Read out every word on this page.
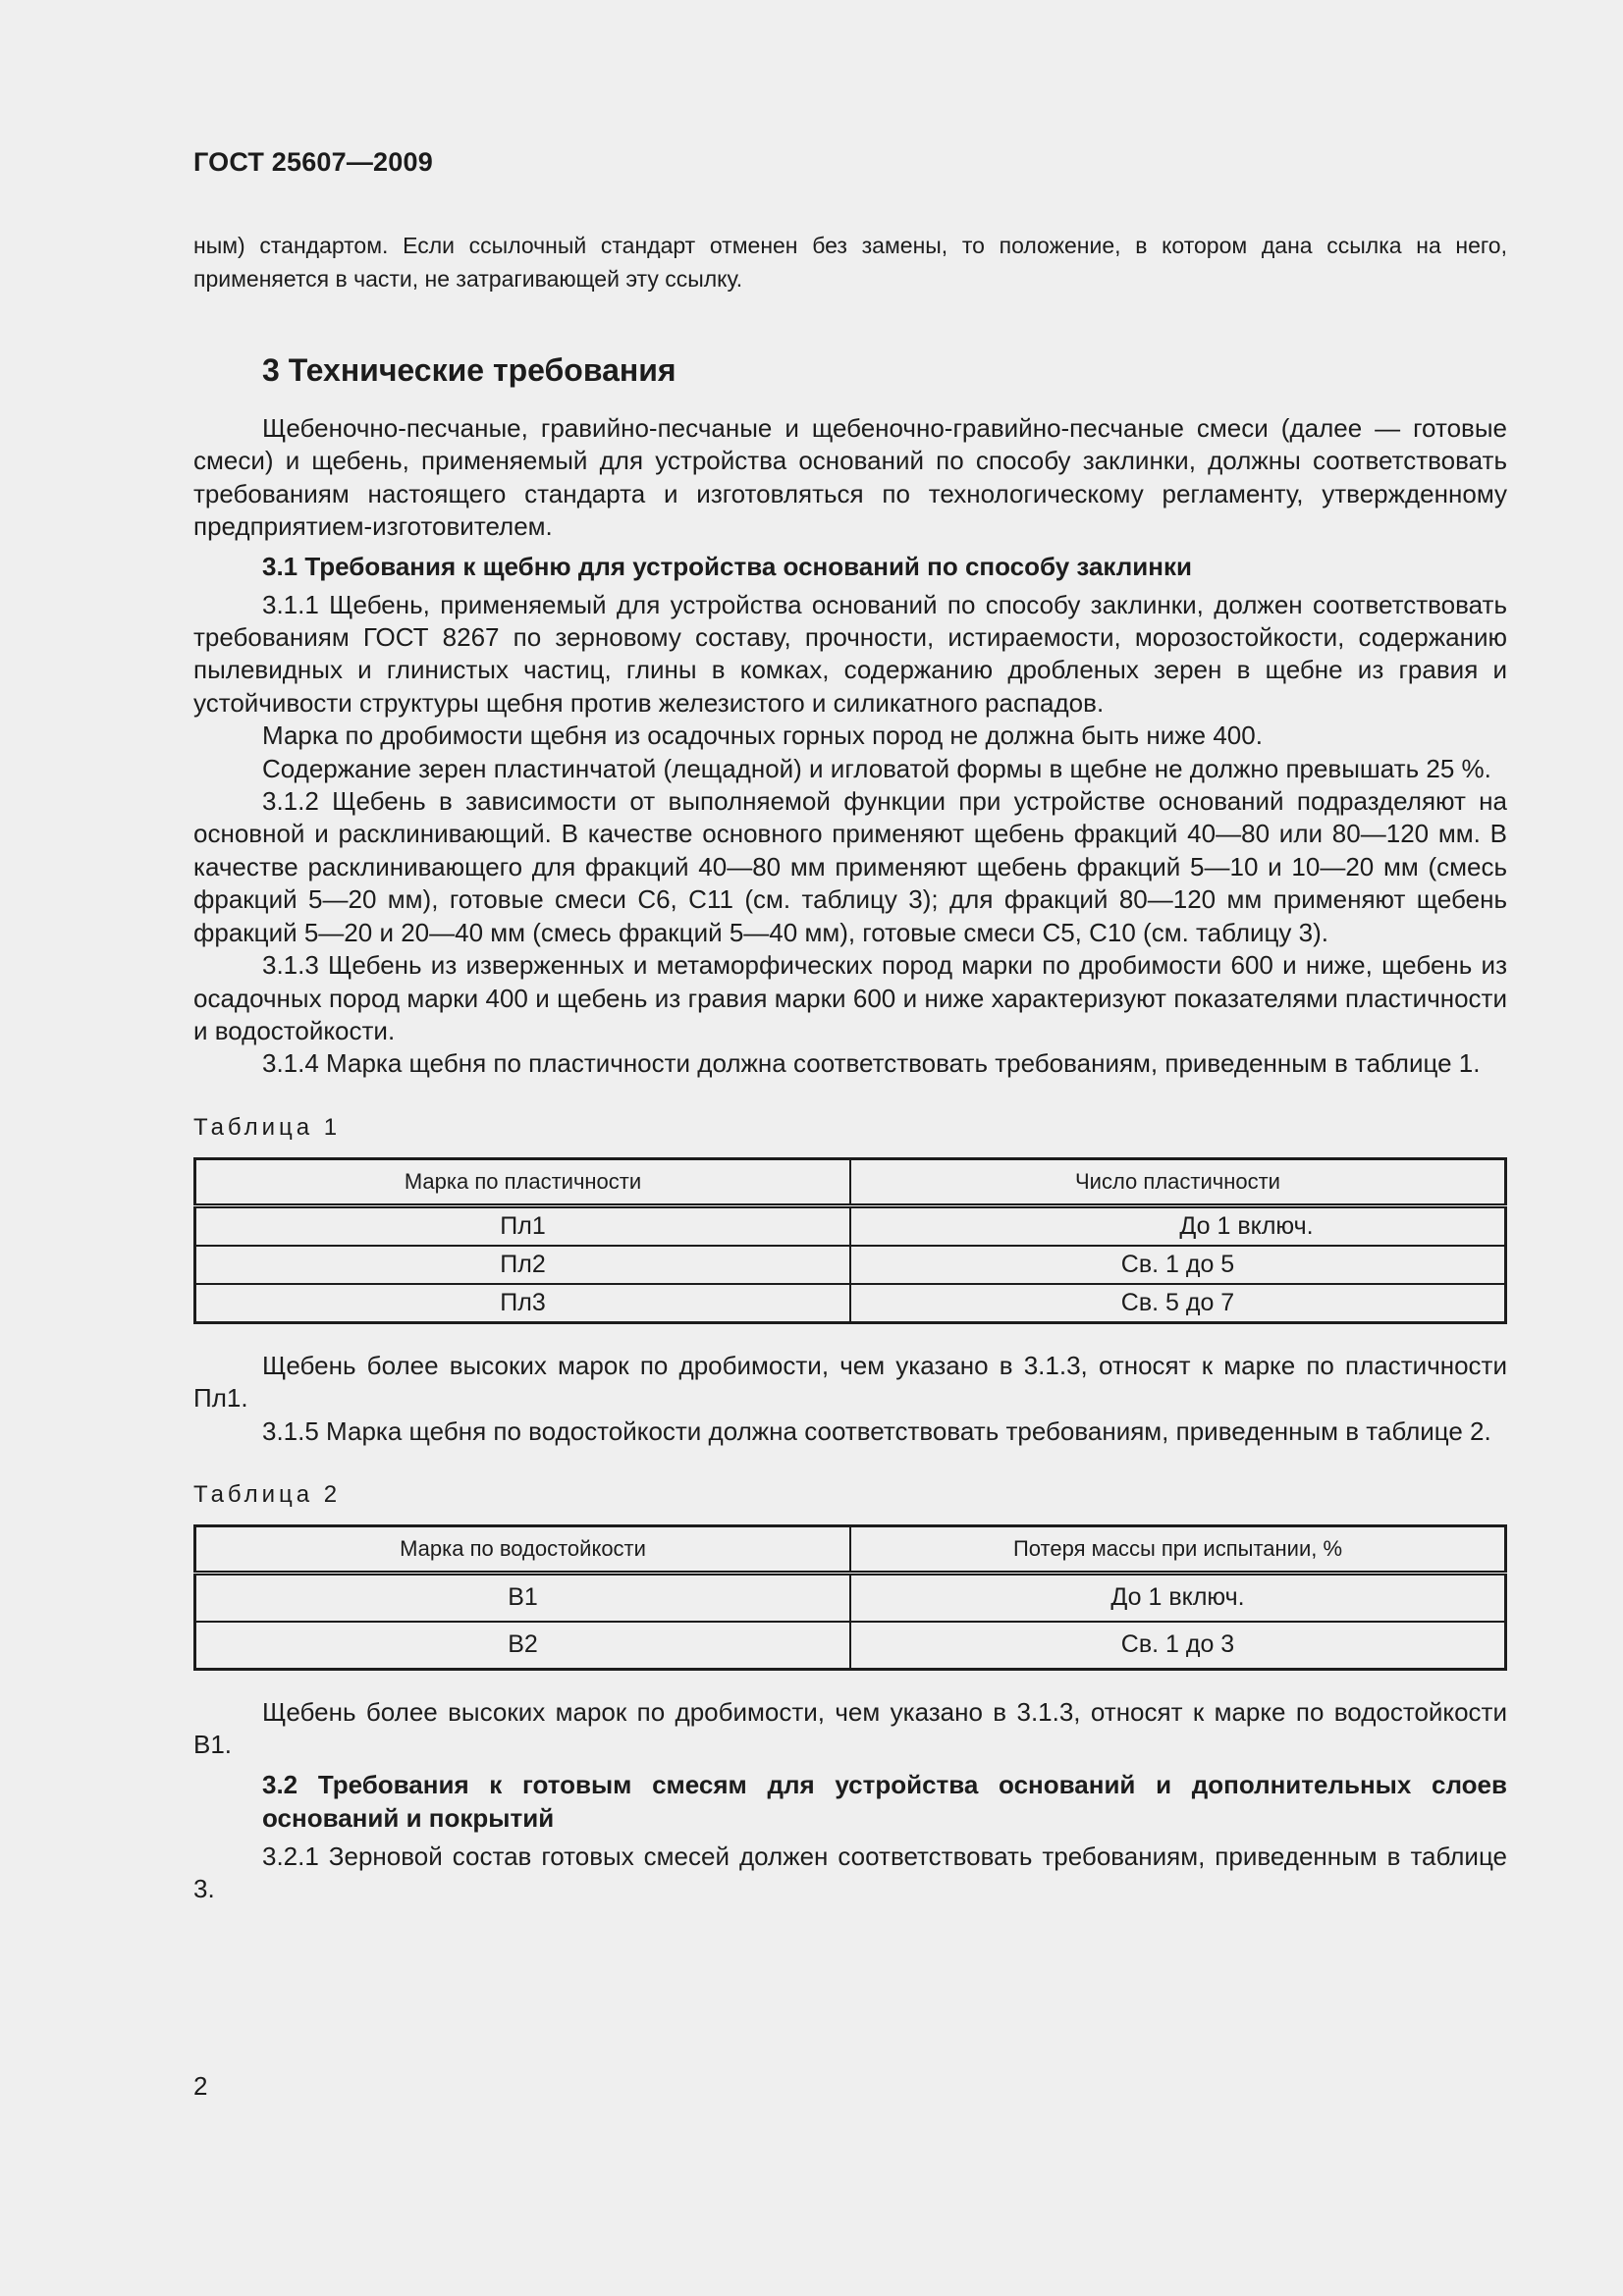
ГОСТ 25607—2009

ным) стандартом. Если ссылочный стандарт отменен без замены, то положение, в котором дана ссылка на него, применяется в части, не затрагивающей эту ссылку.

3 Технические требования

Щебеночно-песчаные, гравийно-песчаные и щебеночно-гравийно-песчаные смеси (далее — готовые смеси) и щебень, применяемый для устройства оснований по способу заклинки, должны соответствовать требованиям настоящего стандарта и изготовляться по технологическому регламенту, утвержденному предприятием-изготовителем.

3.1 Требования к щебню для устройства оснований по способу заклинки

3.1.1 Щебень, применяемый для устройства оснований по способу заклинки, должен соответствовать требованиям ГОСТ 8267 по зерновому составу, прочности, истираемости, морозостойкости, содержанию пылевидных и глинистых частиц, глины в комках, содержанию дробленых зерен в щебне из гравия и устойчивости структуры щебня против железистого и силикатного распадов.

Марка по дробимости щебня из осадочных горных пород не должна быть ниже 400.

Содержание зерен пластинчатой (лещадной) и игловатой формы в щебне не должно превышать 25 %.

3.1.2 Щебень в зависимости от выполняемой функции при устройстве оснований подразделяют на основной и расклинивающий. В качестве основного применяют щебень фракций 40—80 или 80—120 мм. В качестве расклинивающего для фракций 40—80 мм применяют щебень фракций 5—10 и 10—20 мм (смесь фракций 5—20 мм), готовые смеси С6, С11 (см. таблицу 3); для фракций 80—120 мм применяют щебень фракций 5—20 и 20—40 мм (смесь фракций 5—40 мм), готовые смеси С5, С10 (см. таблицу 3).

3.1.3 Щебень из изверженных и метаморфических пород марки по дробимости 600 и ниже, щебень из осадочных пород марки 400 и щебень из гравия марки 600 и ниже характеризуют показателями пластичности и водостойкости.

3.1.4 Марка щебня по пластичности должна соответствовать требованиям, приведенным в таблице 1.

Таблица 1
Марка по пластичности	Число пластичности
Пл1	До 1 включ.
Пл2	Св. 1 до 5
Пл3	Св. 5 до 7

Щебень более высоких марок по дробимости, чем указано в 3.1.3, относят к марке по пластичности Пл1.

3.1.5 Марка щебня по водостойкости должна соответствовать требованиям, приведенным в таблице 2.

Таблица 2
Марка по водостойкости	Потеря массы при испытании, %
В1	До 1 включ.
В2	Св. 1 до 3

Щебень более высоких марок по дробимости, чем указано в 3.1.3, относят к марке по водостойкости В1.

3.2 Требования к готовым смесям для устройства оснований и дополнительных слоев оснований и покрытий

3.2.1 Зерновой состав готовых смесей должен соответствовать требованиям, приведенным в таблице 3.

2
